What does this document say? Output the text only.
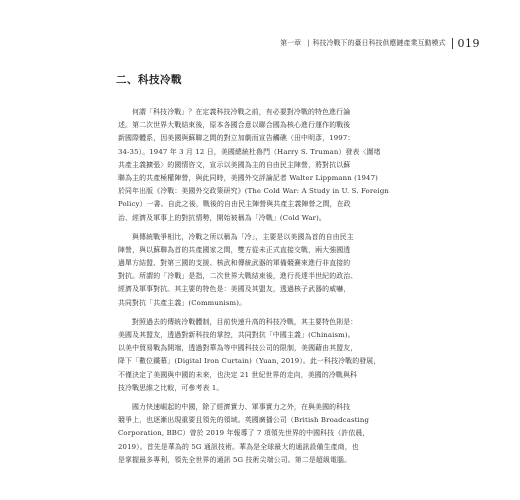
第一章 | 科技冷戰下的臺日科技供應鏈產業互動模式 019
二、科技冷戰
何謂「科技冷戰」？在定義科技冷戰之前，有必要對冷戰的特色進行論
述。第二次世界大戰結束後，原本各國合意以聯合國為核心進行運作的戰後
新國際體系，因美國與蘇聯之間的對立加劇而宣告觸礁（田中明彥，1997：
34-35）。1947 年 3 月 12 日，美國總統杜魯門（Harry S. Truman）發表〈圍堵
共產主義擴張〉的國情咨文，宣示以美國為主的自由民主陣營，將對抗以蘇
聯為主的共產極權陣營，與此同時，美國外交評論記者 Walter Lippmann (1947)
於同年出版《冷戰：美國外交政策研究》(The Cold War: A Study in U. S. Foreign
Policy）一書。自此之後，戰後的自由民主陣營與共產主義陣營之間，在政
治、經濟及軍事上的對抗情勢，開始被稱為「冷戰」(Cold War)。
與傳統戰爭相比，冷戰之所以稱為「冷」，主要是以美國為首的自由民主
陣營，與以蘇聯為首的共產國家之間，雙方從未正式直接交戰，兩大強國透
過單方結盟、對第三國的支援、核武和傳統武器的軍備競賽來進行非直接的
對抗。所謂的「冷戰」是指，二次世界大戰結束後，進行長達半世紀的政治、
經濟及軍事對抗。其主要的特色是：美國及其盟友，透過核子武器的威嚇，
共同對抗「共產主義」(Communism)。
對照過去的傳統冷戰體制，目前快速升高的科技冷戰，其主要特色則是：
美國及其盟友，透過對新科技的掌控，共同對抗「中國主義」(Chinaism)。
以美中貿易戰為開端，透過對華為等中國科技公司的限制，美國藉由其盟友，
降下「數位鐵幕」(Digital Iron Curtain)（Yuan, 2019）。此一科技冷戰的發展，
不僅決定了美國與中國的未來，也決定 21 世紀世界的走向，美國的冷戰與科
技冷戰思維之比較，可參考表 1。
國力快速崛起的中國，除了經濟實力、軍事實力之外，在與美國的科技
競爭上，也逐漸出現重要且領先的領域。英國廣播公司（British Broadcasting
Corporation, BBC）曾於 2019 年報導了 7 項領先世界的中國科技（許依晨，
2019）。首先是華為的 5G 通訊技術。華為是全球最大的通訊設備生產商，也
是掌握最多專利，領先全世界的通訊 5G 技術尖端公司。第二是超級電腦。
